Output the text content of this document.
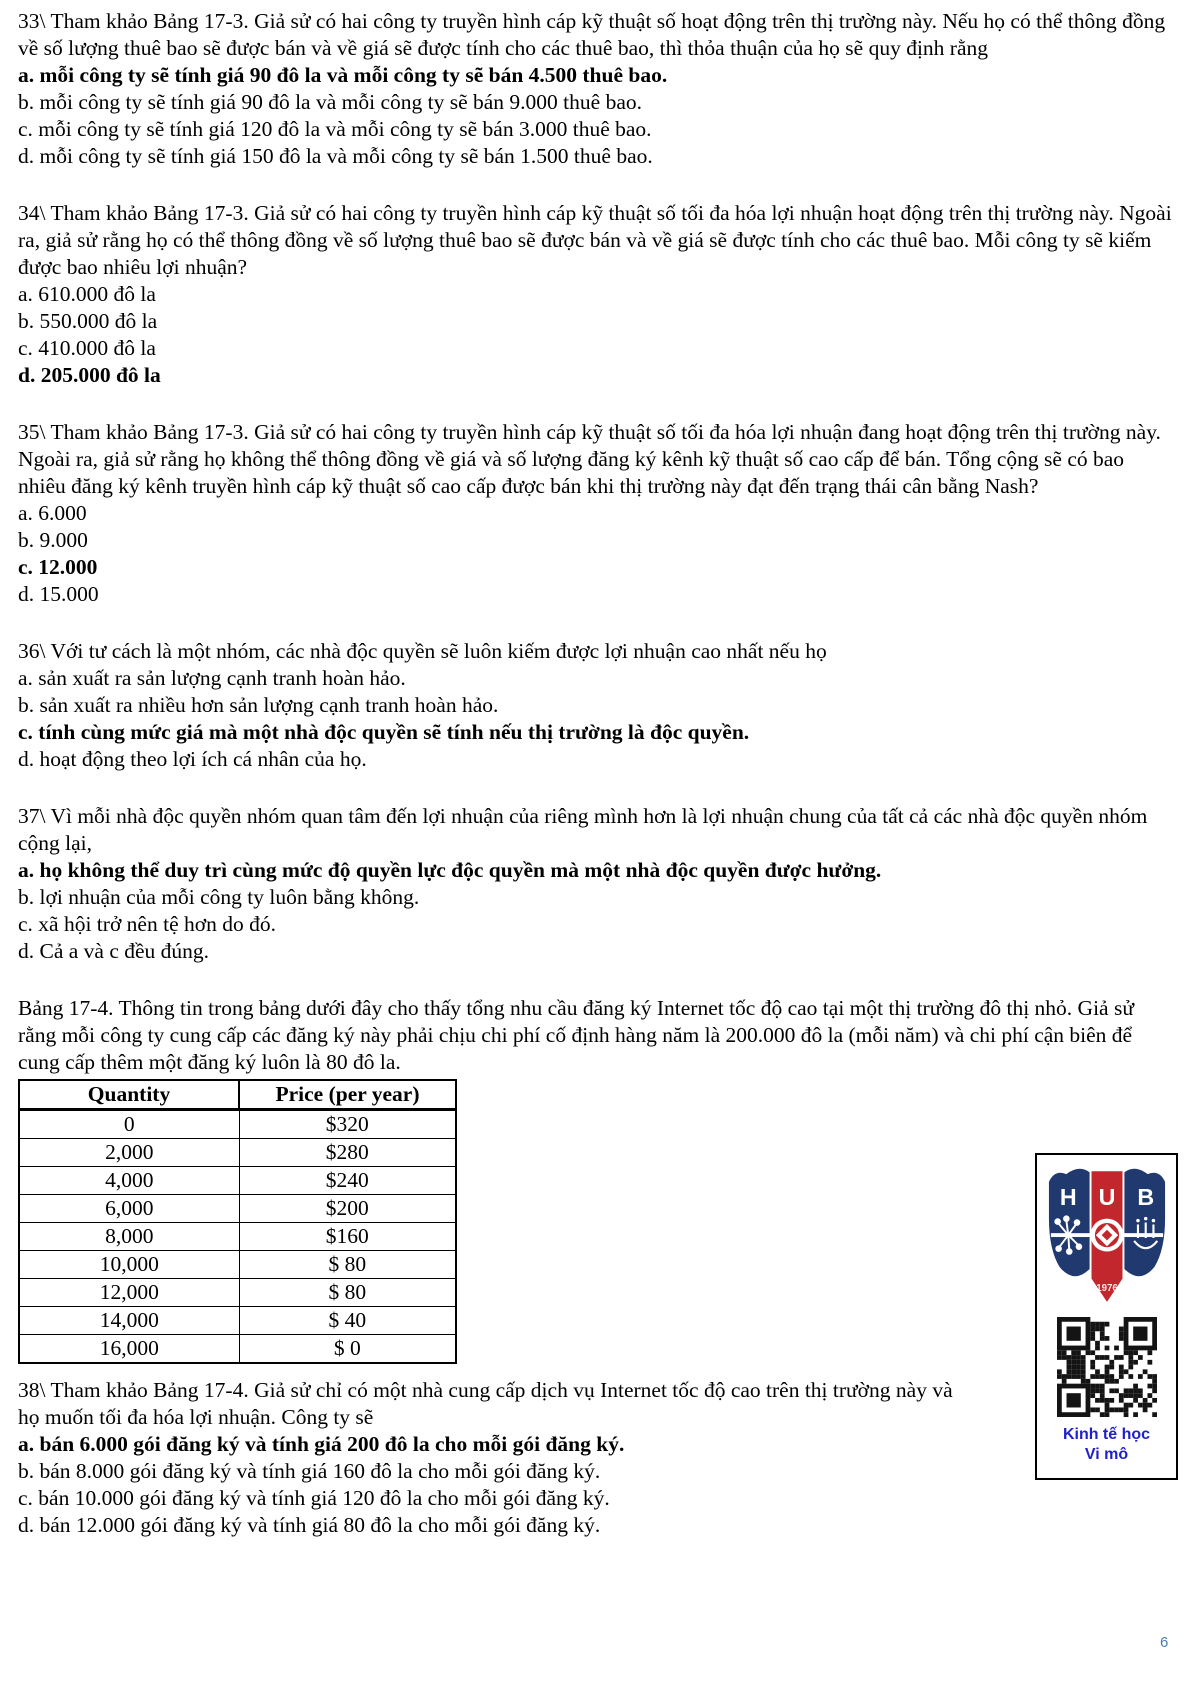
33\ Tham khảo Bảng 17-3. Giả sử có hai công ty truyền hình cáp kỹ thuật số hoạt động trên thị trường này. Nếu họ có thể thông đồng về số lượng thuê bao sẽ được bán và về giá sẽ được tính cho các thuê bao, thì thỏa thuận của họ sẽ quy định rằng

a. mỗi công ty sẽ tính giá 90 đô la và mỗi công ty sẽ bán 4.500 thuê bao.

b. mỗi công ty sẽ tính giá 90 đô la và mỗi công ty sẽ bán 9.000 thuê bao.

c. mỗi công ty sẽ tính giá 120 đô la và mỗi công ty sẽ bán 3.000 thuê bao.

d. mỗi công ty sẽ tính giá 150 đô la và mỗi công ty sẽ bán 1.500 thuê bao.

34\ Tham khảo Bảng 17-3. Giả sử có hai công ty truyền hình cáp kỹ thuật số tối đa hóa lợi nhuận hoạt động trên thị trường này. Ngoài ra, giả sử rằng họ có thể thông đồng về số lượng thuê bao sẽ được bán và về giá sẽ được tính cho các thuê bao. Mỗi công ty sẽ kiếm được bao nhiêu lợi nhuận?

a. 610.000 đô la

b. 550.000 đô la

c. 410.000 đô la

d. 205.000 đô la

35\ Tham khảo Bảng 17-3. Giả sử có hai công ty truyền hình cáp kỹ thuật số tối đa hóa lợi nhuận đang hoạt động trên thị trường này. Ngoài ra, giả sử rằng họ không thể thông đồng về giá và số lượng đăng ký kênh kỹ thuật số cao cấp để bán. Tổng cộng sẽ có bao nhiêu đăng ký kênh truyền hình cáp kỹ thuật số cao cấp được bán khi thị trường này đạt đến trạng thái cân bằng Nash?

a. 6.000

b. 9.000

c. 12.000

d. 15.000

36\ Với tư cách là một nhóm, các nhà độc quyền sẽ luôn kiếm được lợi nhuận cao nhất nếu họ

a. sản xuất ra sản lượng cạnh tranh hoàn hảo.

b. sản xuất ra nhiều hơn sản lượng cạnh tranh hoàn hảo.

c. tính cùng mức giá mà một nhà độc quyền sẽ tính nếu thị trường là độc quyền.

d. hoạt động theo lợi ích cá nhân của họ.

37\ Vì mỗi nhà độc quyền nhóm quan tâm đến lợi nhuận của riêng mình hơn là lợi nhuận chung của tất cả các nhà độc quyền nhóm cộng lại,

a. họ không thể duy trì cùng mức độ quyền lực độc quyền mà một nhà độc quyền được hưởng.

b. lợi nhuận của mỗi công ty luôn bằng không.

c. xã hội trở nên tệ hơn do đó.

d. Cả a và c đều đúng.

Bảng 17-4. Thông tin trong bảng dưới đây cho thấy tổng nhu cầu đăng ký Internet tốc độ cao tại một thị trường đô thị nhỏ. Giả sử rằng mỗi công ty cung cấp các đăng ký này phải chịu chi phí cố định hàng năm là 200.000 đô la (mỗi năm) và chi phí cận biên để cung cấp thêm một đăng ký luôn là 80 đô la.

Quantity	Price (per year)
0	$320
2,000	$280
4,000	$240
6,000	$200
8,000	$160
10,000	$ 80
12,000	$ 80
14,000	$ 40
16,000	$ 0

38\ Tham khảo Bảng 17-4. Giả sử chỉ có một nhà cung cấp dịch vụ Internet tốc độ cao trên thị trường này và họ muốn tối đa hóa lợi nhuận. Công ty sẽ

a. bán 6.000 gói đăng ký và tính giá 200 đô la cho mỗi gói đăng ký.

b. bán 8.000 gói đăng ký và tính giá 160 đô la cho mỗi gói đăng ký.

c. bán 10.000 gói đăng ký và tính giá 120 đô la cho mỗi gói đăng ký.

d. bán 12.000 gói đăng ký và tính giá 80 đô la cho mỗi gói đăng ký.

H U B
1976
Kinh tế học
Vi mô
6
